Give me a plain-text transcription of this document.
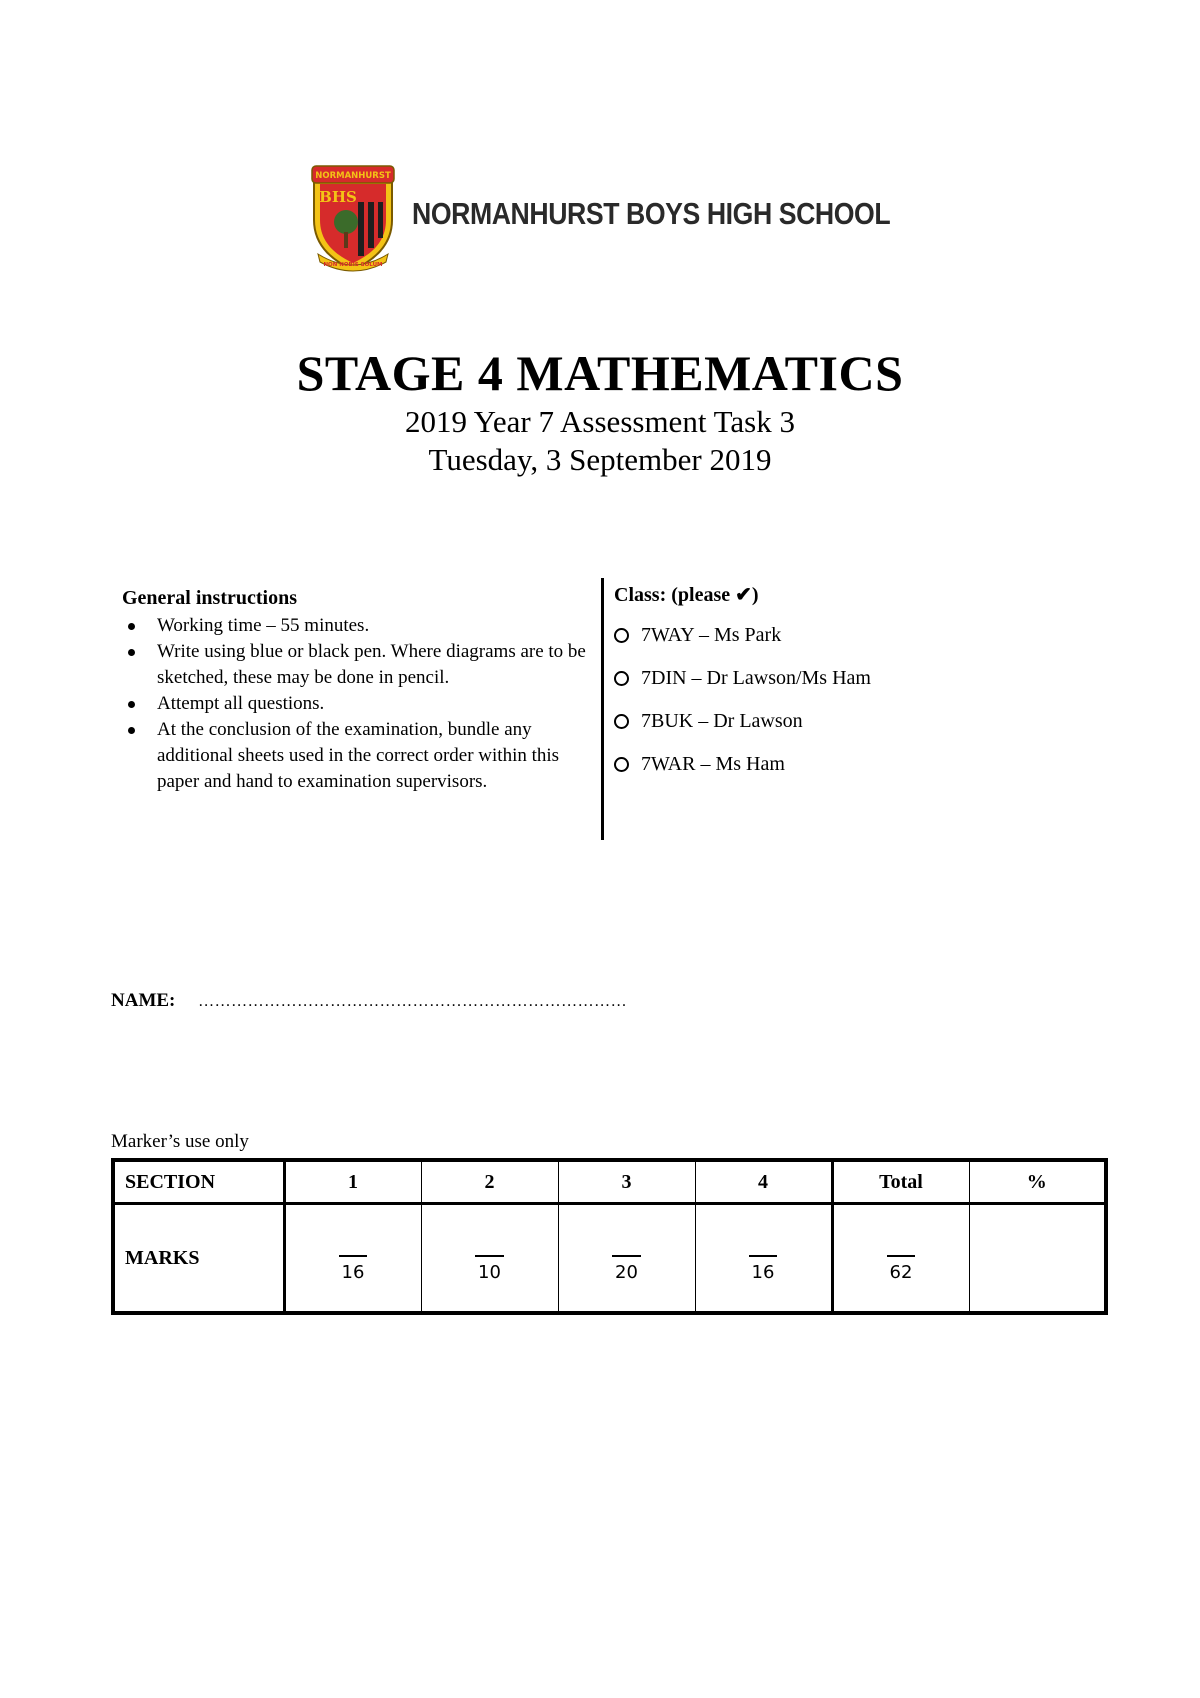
NORMANHURST
BHS
NON NOBIS SOLUM
NORMANHURST BOYS HIGH SCHOOL
STAGE 4 MATHEMATICS
2019 Year 7 Assessment Task 3
Tuesday, 3 September 2019
General instructions
Working time – 55 minutes.
Write using blue or black pen. Where diagrams are to be sketched, these may be done in pencil.
Attempt all questions.
At the conclusion of the examination, bundle any additional sheets used in the correct order within this paper and hand to examination supervisors.
Class: (please ✔)
7WAY – Ms Park
7DIN – Dr Lawson/Ms Ham
7BUK – Dr Lawson
7WAR – Ms Ham
NAME: ……………………………………………………………………
Marker’s use only
SECTION	1	2	3	4	Total	%
MARKS	16	10	20	16	62	
